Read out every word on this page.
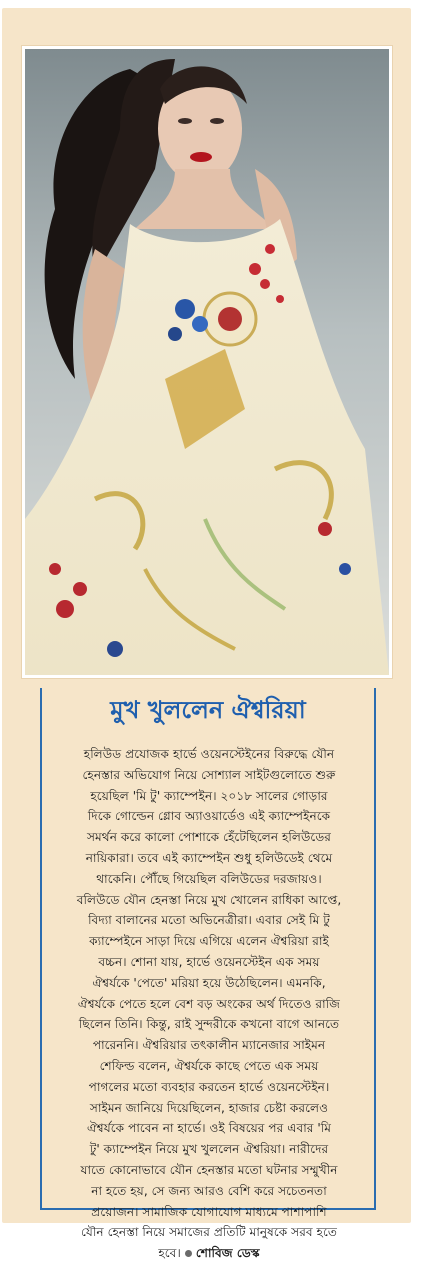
মুখ খুললেন ঐশ্বরিয়া
হলিউড প্রযোজক হার্ভে ওয়েনস্টেইনের বিরুদ্ধে যৌন
হেনস্তার অভিযোগ নিয়ে সোশ্যাল সাইটগুলোতে শুরু
হয়েছিল 'মি টু' ক্যাম্পেইন। ২০১৮ সালের গোড়ার
দিকে গোল্ডেন গ্লোব অ্যাওয়ার্ডেও এই ক্যাম্পেইনকে
সমর্থন করে কালো পোশাকে হেঁটেছিলেন হলিউডের
নায়িকারা। তবে এই ক্যাম্পেইন শুধু হলিউডেই থেমে
থাকেনি। পৌঁছে গিয়েছিল বলিউডের দরজায়ও।
বলিউডে যৌন হেনস্তা নিয়ে মুখ খোলেন রাধিকা আপ্তে,
বিদ্যা বালানের মতো অভিনেত্রীরা। এবার সেই মি টু
ক্যাম্পেইনে সাড়া দিয়ে এগিয়ে এলেন ঐশ্বরিয়া রাই
বচ্চন। শোনা যায়, হার্ভে ওয়েনস্টেইন এক সময়
ঐশ্বর্যকে 'পেতে' মরিয়া হয়ে উঠেছিলেন। এমনকি,
ঐশ্বর্যকে পেতে হলে বেশ বড় অংকের অর্থ দিতেও রাজি
ছিলেন তিনি। কিন্তু, রাই সুন্দরীকে কখনো বাগে আনতে
পারেননি। ঐশ্বরিয়ার তৎকালীন ম্যানেজার সাইমন
শেফিল্ড বলেন, ঐশ্বর্যকে কাছে পেতে এক সময়
পাগলের মতো ব্যবহার করতেন হার্ভে ওয়েনস্টেইন।
সাইমন জানিয়ে দিয়েছিলেন, হাজার চেষ্টা করলেও
ঐশ্বর্যকে পাবেন না হার্ভে। ওই বিষয়ের পর এবার 'মি
টু' ক্যাম্পেইন নিয়ে মুখ খুললেন ঐশ্বরিয়া। নারীদের
যাতে কোনোভাবে যৌন হেনস্তার মতো ঘটনার সম্মুখীন
না হতে হয়, সে জন্য আরও বেশি করে সচেতনতা
প্রয়োজন। সামাজিক যোগাযোগ মাধ্যমে পাশাপাশি
যৌন হেনস্তা নিয়ে সমাজের প্রতিটি মানুষকে সরব হতে
হবে। শোবিজ ডেস্ক
